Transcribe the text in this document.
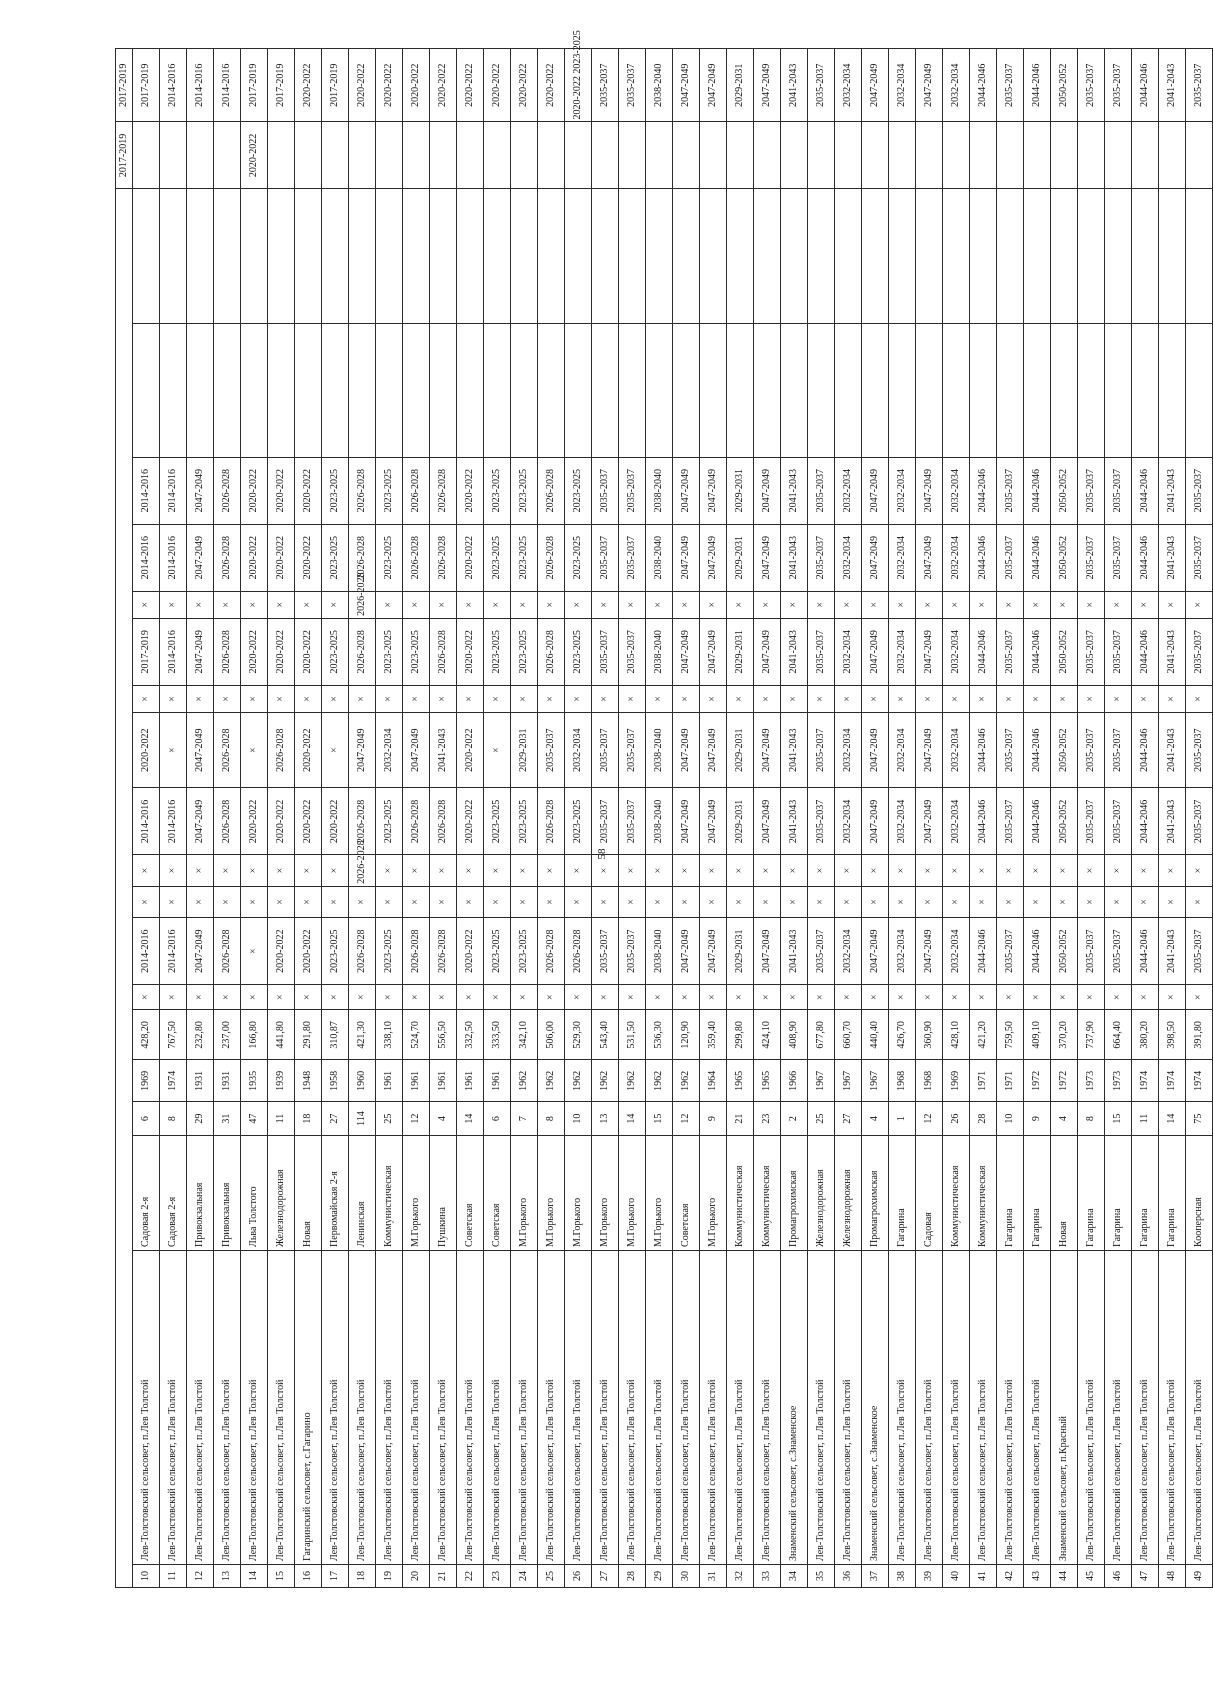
																			2017-2019	2017-2019
10	Лев-Толстовский сельсовет, п.Лев Толстой	Садовая 2-я	6	1969	428,20	×	2014-2016	×	×	2014-2016	2020-2022	×	2017-2019	×	2014-2016	2014-2016				2017-2019
11	Лев-Толстовский сельсовет, п.Лев Толстой	Садовая 2-я	8	1974	767,50	×	2014-2016	×	×	2014-2016	×	×	2014-2016	×	2014-2016	2014-2016				2014-2016
12	Лев-Толстовский сельсовет, п.Лев Толстой	Привокзальная	29	1931	232,80	×	2047-2049	×	×	2047-2049	2047-2049	×	2047-2049	×	2047-2049	2047-2049				2014-2016
13	Лев-Толстовский сельсовет, п.Лев Толстой	Привокзальная	31	1931	237,00	×	2026-2028	×	×	2026-2028	2026-2028	×	2026-2028	×	2026-2028	2026-2028				2014-2016
14	Лев-Толстовский сельсовет, п.Лев Толстой	Льва Толстого	47	1935	166,80	×	×	×	×	2020-2022	×	×	2020-2022	×	2020-2022	2020-2022			2020-2022	2017-2019
15	Лев-Толстовский сельсовет, п.Лев Толстой	Железнодорожная	11	1939	441,80	×	2020-2022	×	×	2020-2022	2026-2028	×	2020-2022	×	2020-2022	2020-2022				2017-2019
16	Гагаринский сельсовет, с.Гагарино	Новая	18	1948	291,80	×	2020-2022	×	×	2020-2022	2020-2022	×	2020-2022	×	2020-2022	2020-2022				2020-2022
17	Лев-Толстовский сельсовет, п.Лев Толстой	Первомайская 2-я	27	1958	310,87	×	2023-2025	×	×	2020-2022	×	×	2023-2025	×	2023-2025	2023-2025				2017-2019
18	Лев-Толстовский сельсовет, п.Лев Толстой	Ленинская	114	1960	421,30	×	2026-2028	×	2026-2028	2026-2028	2047-2049	×	2026-2028	2026-2028	2026-2028	2026-2028				2020-2022
19	Лев-Толстовский сельсовет, п.Лев Толстой	Коммунистическая	25	1961	338,10	×	2023-2025	×	×	2023-2025	2032-2034	×	2023-2025	×	2023-2025	2023-2025				2020-2022
20	Лев-Толстовский сельсовет, п.Лев Толстой	М.Горького	12	1961	524,70	×	2026-2028	×	×	2026-2028	2047-2049	×	2023-2025	×	2026-2028	2026-2028				2020-2022
21	Лев-Толстовский сельсовет, п.Лев Толстой	Пушкина	4	1961	556,50	×	2026-2028	×	×	2026-2028	2041-2043	×	2026-2028	×	2026-2028	2026-2028				2020-2022
22	Лев-Толстовский сельсовет, п.Лев Толстой	Советская	14	1961	332,50	×	2020-2022	×	×	2020-2022	2020-2022	×	2020-2022	×	2020-2022	2020-2022				2020-2022
23	Лев-Толстовский сельсовет, п.Лев Толстой	Советская	6	1961	333,50	×	2023-2025	×	×	2023-2025	×	×	2023-2025	×	2023-2025	2023-2025				2020-2022
24	Лев-Толстовский сельсовет, п.Лев Толстой	М.Горького	7	1962	342,10	×	2023-2025	×	×	2023-2025	2029-2031	×	2023-2025	×	2023-2025	2023-2025				2020-2022
25	Лев-Толстовский сельсовет, п.Лев Толстой	М.Горького	8	1962	506,00	×	2026-2028	×	×	2026-2028	2035-2037	×	2026-2028	×	2026-2028	2026-2028				2020-2022
26	Лев-Толстовский сельсовет, п.Лев Толстой	М.Горького	10	1962	529,30	×	2026-2028	×	×	2023-2025	2032-2034	×	2023-2025	×	2023-2025	2023-2025				2020-2022 2023-2025
27	Лев-Толстовский сельсовет, п.Лев Толстой	М.Горького	13	1962	543,40	×	2035-2037	×	×	2035-2037	2035-2037	×	2035-2037	×	2035-2037	2035-2037				2035-2037
28	Лев-Толстовский сельсовет, п.Лев Толстой	М.Горького	14	1962	531,50	×	2035-2037	×	×	2035-2037	2035-2037	×	2035-2037	×	2035-2037	2035-2037				2035-2037
29	Лев-Толстовский сельсовет, п.Лев Толстой	М.Горького	15	1962	536,30	×	2038-2040	×	×	2038-2040	2038-2040	×	2038-2040	×	2038-2040	2038-2040				2038-2040
30	Лев-Толстовский сельсовет, п.Лев Толстой	Советская	12	1962	120,90	×	2047-2049	×	×	2047-2049	2047-2049	×	2047-2049	×	2047-2049	2047-2049				2047-2049
31	Лев-Толстовский сельсовет, п.Лев Толстой	М.Горького	9	1964	359,40	×	2047-2049	×	×	2047-2049	2047-2049	×	2047-2049	×	2047-2049	2047-2049				2047-2049
32	Лев-Толстовский сельсовет, п.Лев Толстой	Коммунистическая	21	1965	299,80	×	2029-2031	×	×	2029-2031	2029-2031	×	2029-2031	×	2029-2031	2029-2031				2029-2031
33	Лев-Толстовский сельсовет, п.Лев Толстой	Коммунистическая	23	1965	424,10	×	2047-2049	×	×	2047-2049	2047-2049	×	2047-2049	×	2047-2049	2047-2049				2047-2049
34	Знаменский сельсовет, с.Знаменское	Промагрохимская	2	1966	408,90	×	2041-2043	×	×	2041-2043	2041-2043	×	2041-2043	×	2041-2043	2041-2043				2041-2043
35	Лев-Толстовский сельсовет, п.Лев Толстой	Железнодорожная	25	1967	677,80	×	2035-2037	×	×	2035-2037	2035-2037	×	2035-2037	×	2035-2037	2035-2037				2035-2037
36	Лев-Толстовский сельсовет, п.Лев Толстой	Железнодорожная	27	1967	660,70	×	2032-2034	×	×	2032-2034	2032-2034	×	2032-2034	×	2032-2034	2032-2034				2032-2034
37	Знаменский сельсовет, с.Знаменское	Промагрохимская	4	1967	440,40	×	2047-2049	×	×	2047-2049	2047-2049	×	2047-2049	×	2047-2049	2047-2049				2047-2049
38	Лев-Толстовский сельсовет, п.Лев Толстой	Гагарина	1	1968	426,70	×	2032-2034	×	×	2032-2034	2032-2034	×	2032-2034	×	2032-2034	2032-2034				2032-2034
39	Лев-Толстовский сельсовет, п.Лев Толстой	Садовая	12	1968	360,90	×	2047-2049	×	×	2047-2049	2047-2049	×	2047-2049	×	2047-2049	2047-2049				2047-2049
40	Лев-Толстовский сельсовет, п.Лев Толстой	Коммунистическая	26	1969	428,10	×	2032-2034	×	×	2032-2034	2032-2034	×	2032-2034	×	2032-2034	2032-2034				2032-2034
41	Лев-Толстовский сельсовет, п.Лев Толстой	Коммунистическая	28	1971	421,20	×	2044-2046	×	×	2044-2046	2044-2046	×	2044-2046	×	2044-2046	2044-2046				2044-2046
42	Лев-Толстовский сельсовет, п.Лев Толстой	Гагарина	10	1971	759,50	×	2035-2037	×	×	2035-2037	2035-2037	×	2035-2037	×	2035-2037	2035-2037				2035-2037
43	Лев-Толстовский сельсовет, п.Лев Толстой	Гагарина	9	1972	409,10	×	2044-2046	×	×	2044-2046	2044-2046	×	2044-2046	×	2044-2046	2044-2046				2044-2046
44	Знаменский сельсовет, п.Красный	Новая	4	1972	370,20	×	2050-2052	×	×	2050-2052	2050-2052	×	2050-2052	×	2050-2052	2050-2052				2050-2052
45	Лев-Толстовский сельсовет, п.Лев Толстой	Гагарина	8	1973	737,90	×	2035-2037	×	×	2035-2037	2035-2037	×	2035-2037	×	2035-2037	2035-2037				2035-2037
46	Лев-Толстовский сельсовет, п.Лев Толстой	Гагарина	15	1973	664,40	×	2035-2037	×	×	2035-2037	2035-2037	×	2035-2037	×	2035-2037	2035-2037				2035-2037
47	Лев-Толстовский сельсовет, п.Лев Толстой	Гагарина	11	1974	380,20	×	2044-2046	×	×	2044-2046	2044-2046	×	2044-2046	×	2044-2046	2044-2046				2044-2046
48	Лев-Толстовский сельсовет, п.Лев Толстой	Гагарина	14	1974	398,50	×	2041-2043	×	×	2041-2043	2041-2043	×	2041-2043	×	2041-2043	2041-2043				2041-2043
49	Лев-Толстовский сельсовет, п.Лев Толстой	Кооперсная	75	1974	391,80	×	2035-2037	×	×	2035-2037	2035-2037	×	2035-2037	×	2035-2037	2035-2037				2035-2037
58
